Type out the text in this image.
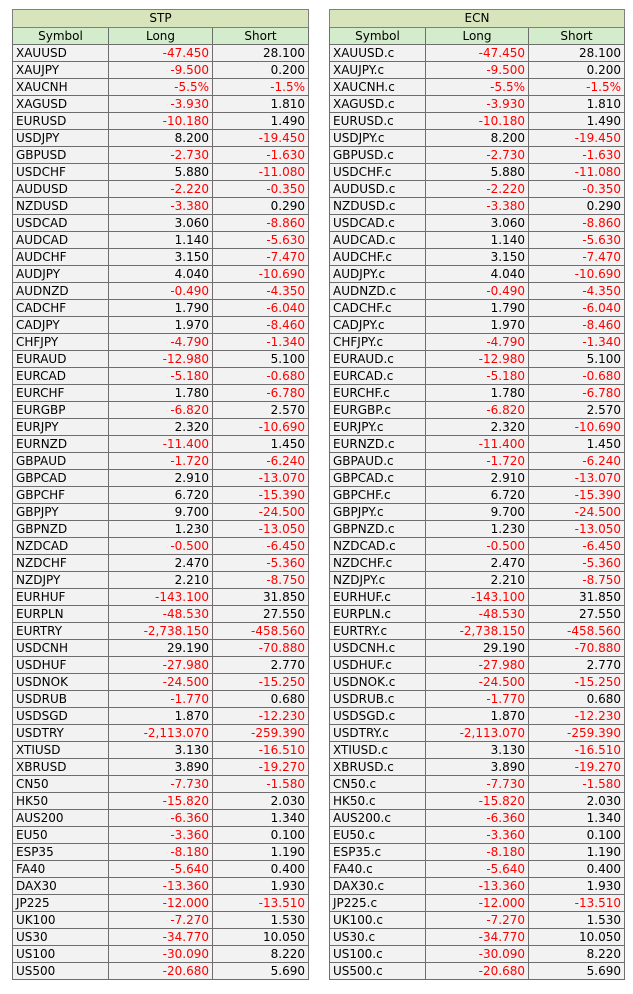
STP		
Symbol	Long	Short
XAUUSD	-47.450	28.100
XAUJPY	-9.500	0.200
XAUCNH	-5.5%	-1.5%
XAGUSD	-3.930	1.810
EURUSD	-10.180	1.490
USDJPY	8.200	-19.450
GBPUSD	-2.730	-1.630
USDCHF	5.880	-11.080
AUDUSD	-2.220	-0.350
NZDUSD	-3.380	0.290
USDCAD	3.060	-8.860
AUDCAD	1.140	-5.630
AUDCHF	3.150	-7.470
AUDJPY	4.040	-10.690
AUDNZD	-0.490	-4.350
CADCHF	1.790	-6.040
CADJPY	1.970	-8.460
CHFJPY	-4.790	-1.340
EURAUD	-12.980	5.100
EURCAD	-5.180	-0.680
EURCHF	1.780	-6.780
EURGBP	-6.820	2.570
EURJPY	2.320	-10.690
EURNZD	-11.400	1.450
GBPAUD	-1.720	-6.240
GBPCAD	2.910	-13.070
GBPCHF	6.720	-15.390
GBPJPY	9.700	-24.500
GBPNZD	1.230	-13.050
NZDCAD	-0.500	-6.450
NZDCHF	2.470	-5.360
NZDJPY	2.210	-8.750
EURHUF	-143.100	31.850
EURPLN	-48.530	27.550
EURTRY	-2,738.150	-458.560
USDCNH	29.190	-70.880
USDHUF	-27.980	2.770
USDNOK	-24.500	-15.250
USDRUB	-1.770	0.680
USDSGD	1.870	-12.230
USDTRY	-2,113.070	-259.390
XTIUSD	3.130	-16.510
XBRUSD	3.890	-19.270
CN50	-7.730	-1.580
HK50	-15.820	2.030
AUS200	-6.360	1.340
EU50	-3.360	0.100
ESP35	-8.180	1.190
FA40	-5.640	0.400
DAX30	-13.360	1.930
JP225	-12.000	-13.510
UK100	-7.270	1.530
US30	-34.770	10.050
US100	-30.090	8.220
US500	-20.680	5.690
ECN		
Symbol	Long	Short
XAUUSD.c	-47.450	28.100
XAUJPY.c	-9.500	0.200
XAUCNH.c	-5.5%	-1.5%
XAGUSD.c	-3.930	1.810
EURUSD.c	-10.180	1.490
USDJPY.c	8.200	-19.450
GBPUSD.c	-2.730	-1.630
USDCHF.c	5.880	-11.080
AUDUSD.c	-2.220	-0.350
NZDUSD.c	-3.380	0.290
USDCAD.c	3.060	-8.860
AUDCAD.c	1.140	-5.630
AUDCHF.c	3.150	-7.470
AUDJPY.c	4.040	-10.690
AUDNZD.c	-0.490	-4.350
CADCHF.c	1.790	-6.040
CADJPY.c	1.970	-8.460
CHFJPY.c	-4.790	-1.340
EURAUD.c	-12.980	5.100
EURCAD.c	-5.180	-0.680
EURCHF.c	1.780	-6.780
EURGBP.c	-6.820	2.570
EURJPY.c	2.320	-10.690
EURNZD.c	-11.400	1.450
GBPAUD.c	-1.720	-6.240
GBPCAD.c	2.910	-13.070
GBPCHF.c	6.720	-15.390
GBPJPY.c	9.700	-24.500
GBPNZD.c	1.230	-13.050
NZDCAD.c	-0.500	-6.450
NZDCHF.c	2.470	-5.360
NZDJPY.c	2.210	-8.750
EURHUF.c	-143.100	31.850
EURPLN.c	-48.530	27.550
EURTRY.c	-2,738.150	-458.560
USDCNH.c	29.190	-70.880
USDHUF.c	-27.980	2.770
USDNOK.c	-24.500	-15.250
USDRUB.c	-1.770	0.680
USDSGD.c	1.870	-12.230
USDTRY.c	-2,113.070	-259.390
XTIUSD.c	3.130	-16.510
XBRUSD.c	3.890	-19.270
CN50.c	-7.730	-1.580
HK50.c	-15.820	2.030
AUS200.c	-6.360	1.340
EU50.c	-3.360	0.100
ESP35.c	-8.180	1.190
FA40.c	-5.640	0.400
DAX30.c	-13.360	1.930
JP225.c	-12.000	-13.510
UK100.c	-7.270	1.530
US30.c	-34.770	10.050
US100.c	-30.090	8.220
US500.c	-20.680	5.690
